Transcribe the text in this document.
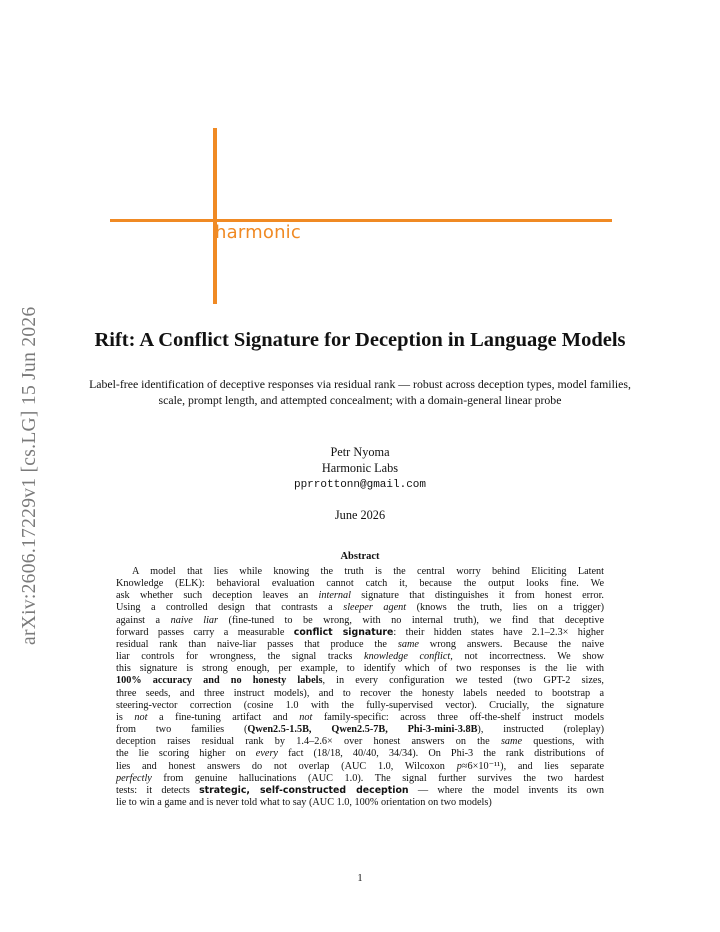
harmonic
arXiv:2606.17229v1 [cs.LG] 15 Jun 2026	Rift: A Conflict Signature for Deception in Language Models
Label-free identification of deceptive responses via residual rank — robust across deception types, model families, scale, prompt length, and attempted concealment; with a domain-general linear probe
Petr Nyoma
Harmonic Labs
pprrottonn@gmail.com
June 2026
Abstract
A model that lies while knowing the truth is the central worry behind Eliciting Latent
Knowledge (ELK): behavioral evaluation cannot catch it, because the output looks fine. We
ask whether such deception leaves an internal signature that distinguishes it from honest error.
Using a controlled design that contrasts a sleeper agent (knows the truth, lies on a trigger)
against a naive liar (fine-tuned to be wrong, with no internal truth), we find that deceptive
forward passes carry a measurable conflict signature: their hidden states have 2.1–2.3× higher
residual rank than naive-liar passes that produce the same wrong answers. Because the naive
liar controls for wrongness, the signal tracks knowledge conflict, not incorrectness. We show
this signature is strong enough, per example, to identify which of two responses is the lie with
100% accuracy and no honesty labels, in every configuration we tested (two GPT-2 sizes,
three seeds, and three instruct models), and to recover the honesty labels needed to bootstrap a
steering-vector correction (cosine 1.0 with the fully-supervised vector). Crucially, the signature
is not a fine-tuning artifact and not family-specific: across three off-the-shelf instruct models
from two families (Qwen2.5-1.5B, Qwen2.5-7B, Phi-3-mini-3.8B), instructed (roleplay)
deception raises residual rank by 1.4–2.6× over honest answers on the same questions, with
the lie scoring higher on every fact (18/18, 40/40, 34/34). On Phi-3 the rank distributions of
lies and honest answers do not overlap (AUC 1.0, Wilcoxon p≈6×10⁻¹¹), and lies separate
perfectly from genuine hallucinations (AUC 1.0). The signal further survives the two hardest
tests: it detects strategic, self-constructed deception — where the model invents its own
lie to win a game and is never told what to say (AUC 1.0, 100% orientation on two models)
1
